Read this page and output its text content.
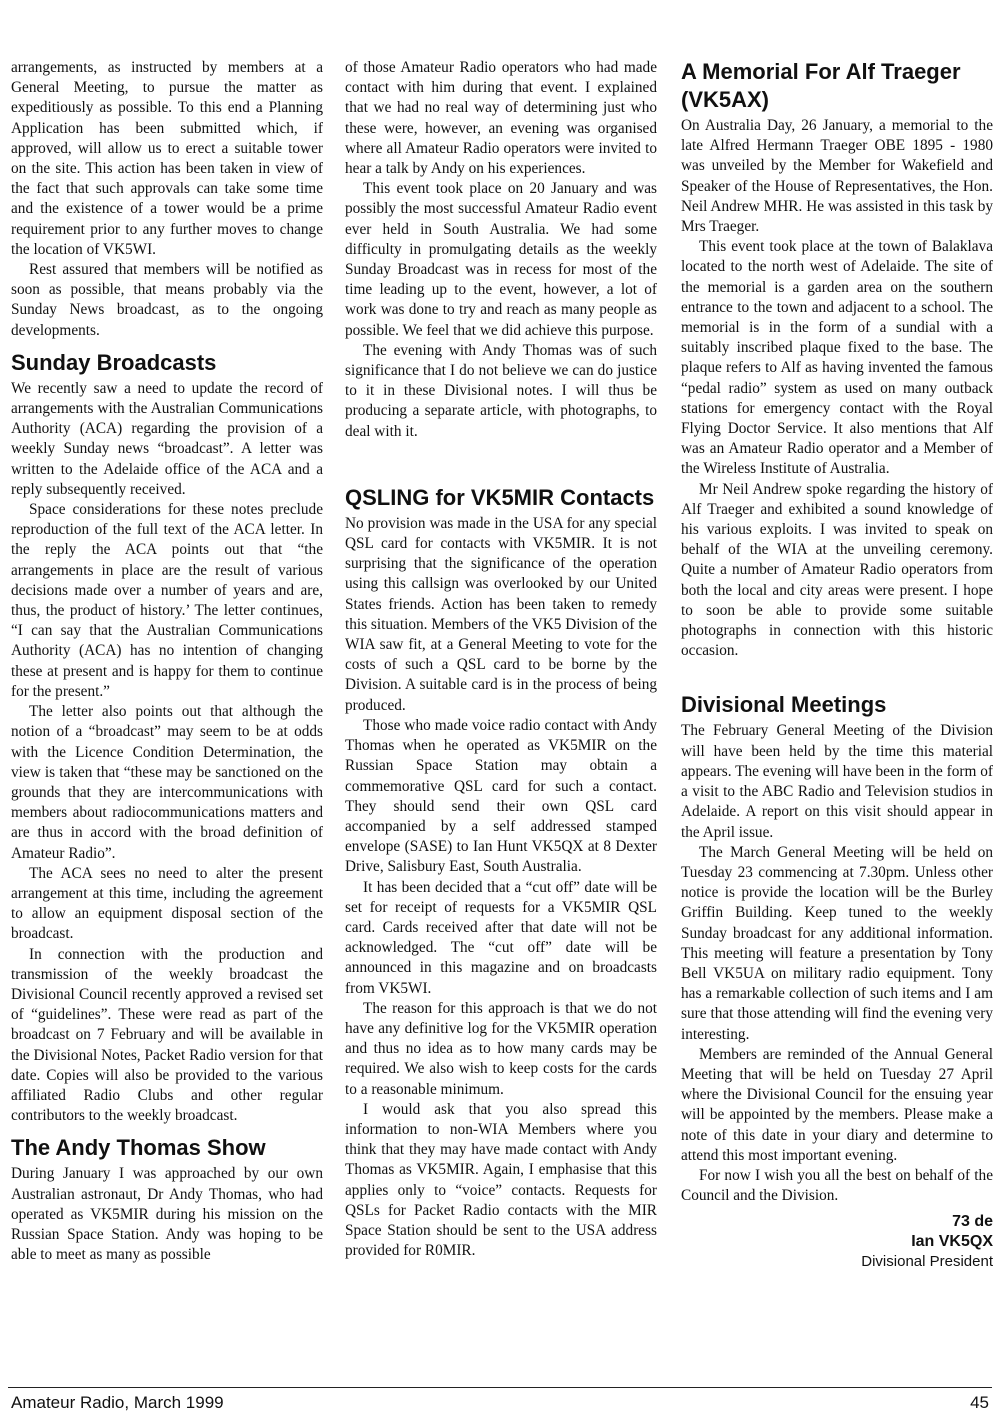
arrangements, as instructed by members at a General Meeting, to pursue the matter as expeditiously as possible. To this end a Planning Application has been submitted which, if approved, will allow us to erect a suitable tower on the site. This action has been taken in view of the fact that such approvals can take some time and the existence of a tower would be a prime requirement prior to any further moves to change the location of VK5WI.

Rest assured that members will be notified as soon as possible, that means probably via the Sunday News broadcast, as to the ongoing developments.

Sunday Broadcasts

We recently saw a need to update the record of arrangements with the Australian Communications Authority (ACA) regarding the provision of a weekly Sunday news “broadcast”. A letter was written to the Adelaide office of the ACA and a reply subsequently received.

Space considerations for these notes preclude reproduction of the full text of the ACA letter. In the reply the ACA points out that “the arrangements in place are the result of various decisions made over a number of years and are, thus, the product of history.’ The letter continues, “I can say that the Australian Communications Authority (ACA) has no intention of changing these at present and is happy for them to continue for the present.”

The letter also points out that although the notion of a “broadcast” may seem to be at odds with the Licence Condition Determination, the view is taken that “these may be sanctioned on the grounds that they are intercommunications with members about radiocommunications matters and are thus in accord with the broad definition of Amateur Radio”.

The ACA sees no need to alter the present arrangement at this time, including the agreement to allow an equipment disposal section of the broadcast.

In connection with the production and transmission of the weekly broadcast the Divisional Council recently approved a revised set of “guidelines”. These were read as part of the broadcast on 7 February and will be available in the Divisional Notes, Packet Radio version for that date. Copies will also be provided to the various affiliated Radio Clubs and other regular contributors to the weekly broadcast.

The Andy Thomas Show

During January I was approached by our own Australian astronaut, Dr Andy Thomas, who had operated as VK5MIR during his mission on the Russian Space Station. Andy was hoping to be able to meet as many as possible

of those Amateur Radio operators who had made contact with him during that event. I explained that we had no real way of determining just who these were, however, an evening was organised where all Amateur Radio operators were invited to hear a talk by Andy on his experiences.

This event took place on 20 January and was possibly the most successful Amateur Radio event ever held in South Australia. We had some difficulty in promulgating details as the weekly Sunday Broadcast was in recess for most of the time leading up to the event, however, a lot of work was done to try and reach as many people as possible. We feel that we did achieve this purpose.

The evening with Andy Thomas was of such significance that I do not believe we can do justice to it in these Divisional notes. I will thus be producing a separate article, with photographs, to deal with it.

QSLING for VK5MIR Contacts

No provision was made in the USA for any special QSL card for contacts with VK5MIR. It is not surprising that the significance of the operation using this callsign was overlooked by our United States friends. Action has been taken to remedy this situation. Members of the VK5 Division of the WIA saw fit, at a General Meeting to vote for the costs of such a QSL card to be borne by the Division. A suitable card is in the process of being produced.

Those who made voice radio contact with Andy Thomas when he operated as VK5MIR on the Russian Space Station may obtain a commemorative QSL card for such a contact. They should send their own QSL card accompanied by a self addressed stamped envelope (SASE) to Ian Hunt VK5QX at 8 Dexter Drive, Salisbury East, South Australia.

It has been decided that a “cut off” date will be set for receipt of requests for a VK5MIR QSL card. Cards received after that date will not be acknowledged. The “cut off” date will be announced in this magazine and on broadcasts from VK5WI.

The reason for this approach is that we do not have any definitive log for the VK5MIR operation and thus no idea as to how many cards may be required. We also wish to keep costs for the cards to a reasonable minimum.

I would ask that you also spread this information to non-WIA Members where you think that they may have made contact with Andy Thomas as VK5MIR. Again, I emphasise that this applies only to “voice” contacts. Requests for QSLs for Packet Radio contacts with the MIR Space Station should be sent to the USA address provided for R0MIR.

A Memorial For Alf Traeger (VK5AX)

On Australia Day, 26 January, a memorial to the late Alfred Hermann Traeger OBE 1895 - 1980 was unveiled by the Member for Wakefield and Speaker of the House of Representatives, the Hon. Neil Andrew MHR. He was assisted in this task by Mrs Traeger.

This event took place at the town of Balaklava located to the north west of Adelaide. The site of the memorial is a garden area on the southern entrance to the town and adjacent to a school. The memorial is in the form of a sundial with a suitably inscribed plaque fixed to the base. The plaque refers to Alf as having invented the famous “pedal radio” system as used on many outback stations for emergency contact with the Royal Flying Doctor Service. It also mentions that Alf was an Amateur Radio operator and a Member of the Wireless Institute of Australia.

Mr Neil Andrew spoke regarding the history of Alf Traeger and exhibited a sound knowledge of his various exploits. I was invited to speak on behalf of the WIA at the unveiling ceremony. Quite a number of Amateur Radio operators from both the local and city areas were present. I hope to soon be able to provide some suitable photographs in connection with this historic occasion.

Divisional Meetings

The February General Meeting of the Division will have been held by the time this material appears. The evening will have been in the form of a visit to the ABC Radio and Television studios in Adelaide. A report on this visit should appear in the April issue.

The March General Meeting will be held on Tuesday 23 commencing at 7.30pm. Unless other notice is provide the location will be the Burley Griffin Building. Keep tuned to the weekly Sunday broadcast for any additional information. This meeting will feature a presentation by Tony Bell VK5UA on military radio equipment. Tony has a remarkable collection of such items and I am sure that those attending will find the evening very interesting.

Members are reminded of the Annual General Meeting that will be held on Tuesday 27 April where the Divisional Council for the ensuing year will be appointed by the members. Please make a note of this date in your diary and determine to attend this most important evening.

For now I wish you all the best on behalf of the Council and the Division.

73 de
Ian VK5QX
Divisional President
Amateur Radio, March 1999	45
